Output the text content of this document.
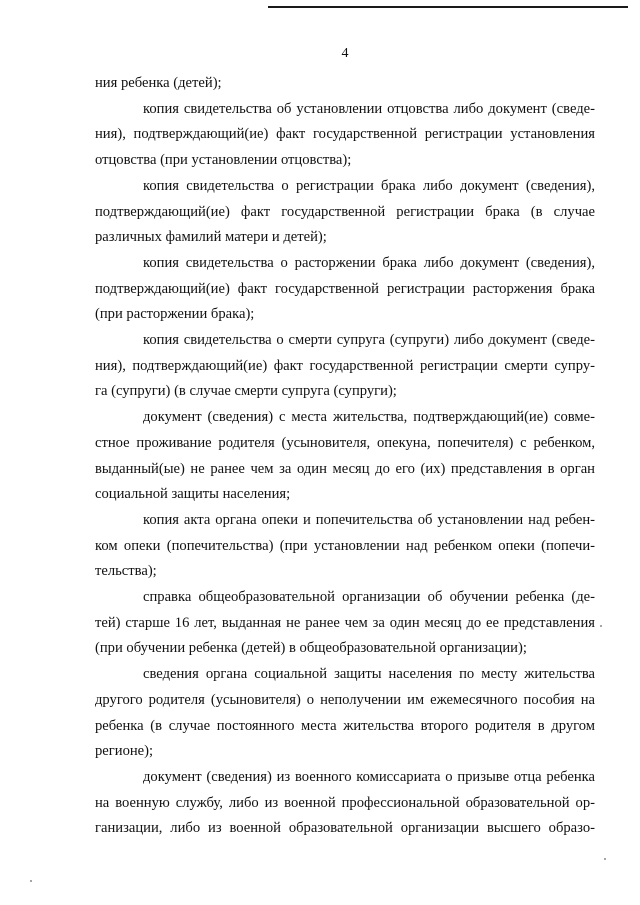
4
ния ребенка (детей);
копия свидетельства об установлении отцовства либо документ (сведе-
ния), подтверждающий(ие) факт государственной регистрации установления
отцовства (при установлении отцовства);
копия свидетельства о регистрации брака либо документ (сведения),
подтверждающий(ие) факт государственной регистрации брака (в случае
различных фамилий матери и детей);
копия свидетельства о расторжении брака либо документ (сведения),
подтверждающий(ие) факт государственной регистрации расторжения брака
(при расторжении брака);
копия свидетельства о смерти супруга (супруги) либо документ (сведе-
ния), подтверждающий(ие) факт государственной регистрации смерти супру-
га (супруги) (в случае смерти супруга (супруги);
документ (сведения) с места жительства, подтверждающий(ие) совме-
стное проживание родителя (усыновителя, опекуна, попечителя) с ребенком,
выданный(ые) не ранее чем за один месяц до его (их) представления в орган
социальной защиты населения;
копия акта органа опеки и попечительства об установлении над ребен-
ком опеки (попечительства) (при установлении над ребенком опеки (попечи-
тельства);
справка общеобразовательной организации об обучении ребенка (де-
тей) старше 16 лет, выданная не ранее чем за один месяц до ее представления
(при обучении ребенка (детей) в общеобразовательной организации);
сведения органа социальной защиты населения по месту жительства
другого родителя (усыновителя) о неполучении им ежемесячного пособия на
ребенка (в случае постоянного места жительства второго родителя в другом
регионе);
документ (сведения) из военного комиссариата о призыве отца ребенка
на военную службу, либо из военной профессиональной образовательной ор-
ганизации, либо из военной образовательной организации высшего образо-
